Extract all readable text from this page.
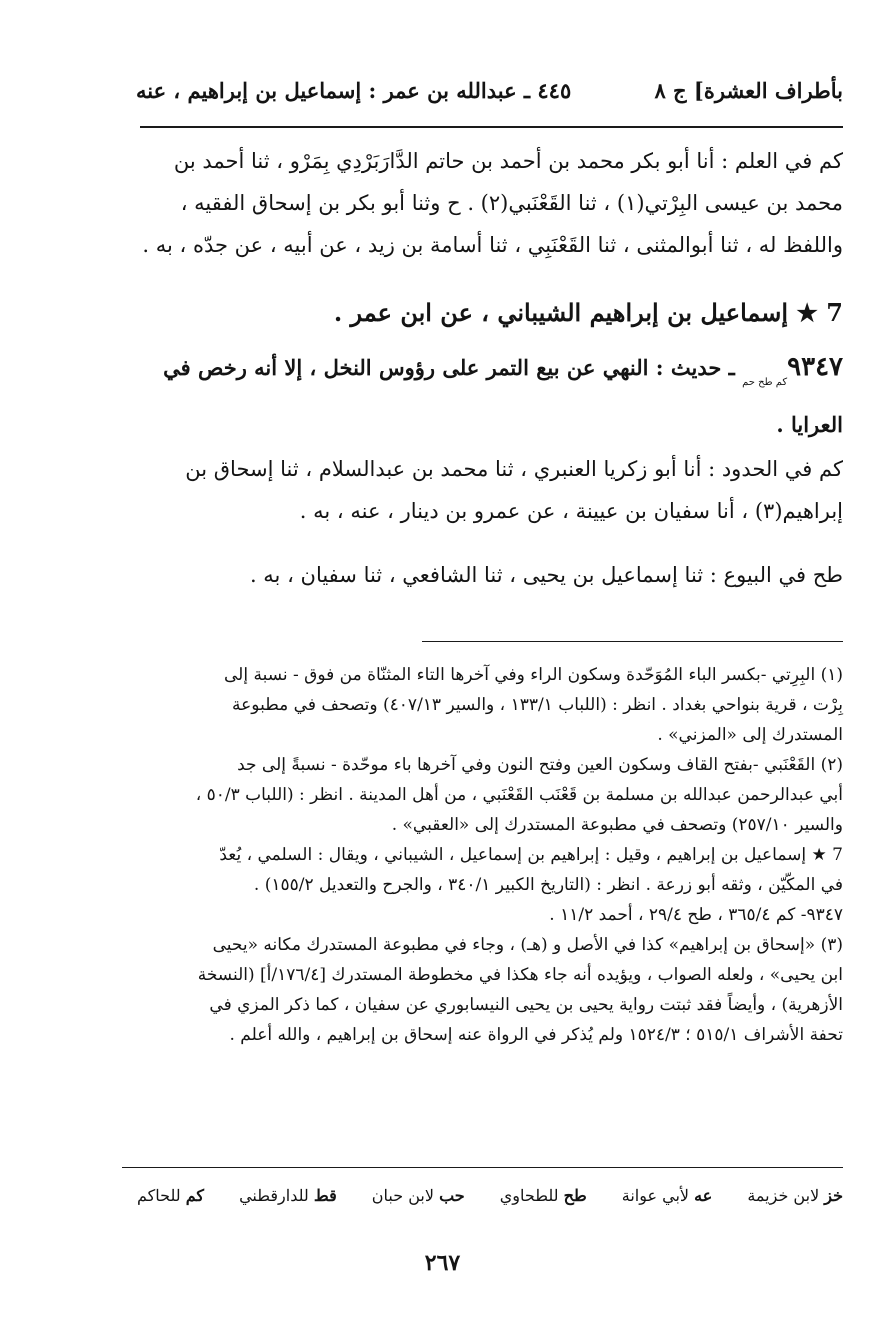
بأطراف العشرة] ج ٨
٤٤٥ ـ عبدالله بن عمر : إسماعيل بن إبراهيم ، عنه
كم في العلم : أنا أبو بكر محمد بن أحمد بن حاتم الدَّارَبَرْدِي بِمَرْو ، ثنا أحمد بن
محمد بن عيسى البِرْتي(١) ، ثنا القَعْنَبي(٢) . ح وثنا أبو بكر بن إسحاق الفقيه ،
واللفظ له ، ثنا أبوالمثنى ، ثنا القَعْنَبِي ، ثنا أسامة بن زيد ، عن أبيه ، عن جدّه ، به .
7 ★ إسماعيل بن إبراهيم الشيباني ، عن ابن عمر .
$٩٣٤٧_{كم طح حم}$ ـ حديث : النهي عن بيع التمر على رؤوس النخل ، إلا أنه رخص في
العرايا .
كم في الحدود : أنا أبو زكريا العنبري ، ثنا محمد بن عبدالسلام ، ثنا إسحاق بن
إبراهيم(٣) ، أنا سفيان بن عيينة ، عن عمرو بن دينار ، عنه ، به .
طح في البيوع : ثنا إسماعيل بن يحيى ، ثنا الشافعي ، ثنا سفيان ، به .
(١) البِرِتي -بكسر الباء المُوَحّدة وسكون الراء وفي آخرها التاء المثنّاة من فوق - نسبة إلى
بِرْت ، قرية بنواحي بغداد . انظر : (اللباب ١٣٣/١ ، والسير ٤٠٧/١٣) وتصحف في مطبوعة
المستدرك إلى «المزني» .
(٢) القَعْنَبي -بفتح القاف وسكون العين وفتح النون وفي آخرها باء موحّدة - نسبةً إلى جد
أبي عبدالرحمن عبدالله بن مسلمة بن قَعْنَب القَعْنَبي ، من أهل المدينة . انظر : (اللباب ٥٠/٣ ،
والسير ٢٥٧/١٠) وتصحف في مطبوعة المستدرك إلى «العقبي» .
7 ★ إسماعيل بن إبراهيم ، وقيل : إبراهيم بن إسماعيل ، الشيباني ، ويقال : السلمي ، يُعدّ
في المكّيّن ، وثقه أبو زرعة . انظر : (التاريخ الكبير ٣٤٠/١ ، والجرح والتعديل ١٥٥/٢) .
٩٣٤٧- كم ٣٦٥/٤ ، طح ٢٩/٤ ، أحمد ١١/٢ .
(٣) «إسحاق بن إبراهيم» كذا في الأصل و (هـ) ، وجاء في مطبوعة المستدرك مكانه «يحيى
ابن يحيى» ، ولعله الصواب ، ويؤيده أنه جاء هكذا في مخطوطة المستدرك [١٧٦/٤/أ] (النسخة
الأزهرية) ، وأيضاً فقد ثبتت رواية يحيى بن يحيى النيسابوري عن سفيان ، كما ذكر المزي في
تحفة الأشراف ٥١٥/١ ؛ ١٥٢٤/٣ ولم يُذكر في الرواة عنه إسحاق بن إبراهيم ، والله أعلم .
خز لابن خزيمة
عه لأبي عوانة
طح للطحاوي
حب لابن حبان
قط للدارقطني
كم للحاكم
٢٦٧
